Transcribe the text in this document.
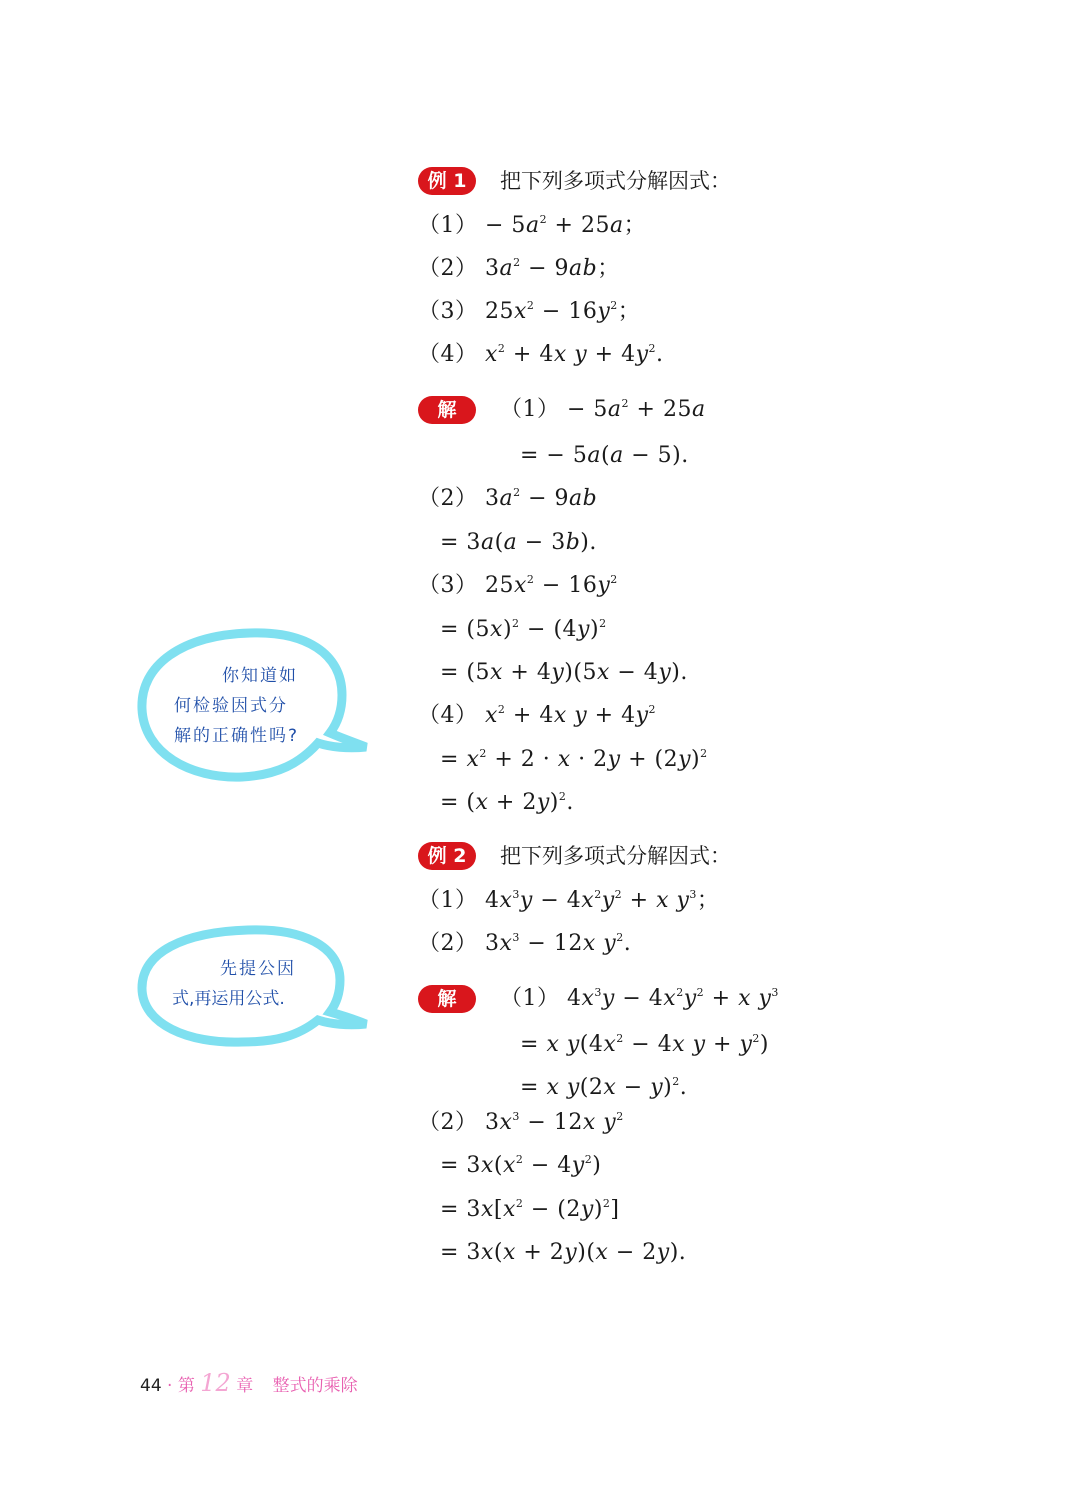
例 1	把下列多项式分解因式：
$(1) - 5a^2 + 25a$；
（2） $3a^2 - 9ab$；
（3） $25x^2 - 16y^2$；
（4） $x^2 + 4x$ $y + 4y^2$.
解	$(1) - 5a^2 + 25a$
= − 5a(a − 5).
（2） $3a^2 - 9ab$
= 3a(a − 3b).
（3） $25x^2 - 16y^2$
= $(5x)^2 - (4y)^2$
= (5x + 4y)(5x − 4y).
（4） $x^2 + 4x$ $y + 4y^2$
= $x^2 + 2 \cdot x \cdot 2y + (2y)^2$
= $(x + 2y)^2$.
例 2	把下列多项式分解因式：
（1） $4x^3y - 4x^2y^2 + x$ $y^3$；
（2） $3x^3 - 12x$ $y^2$.
解	（1） $4x^3y - 4x^2y^2 + x$ $y^3$
= x $y(4x^2 - 4x$ $y + y^2$)
= x $y(2x - y)^2$.
（2） $3x^3 - 12x$ $y^2$
= $3x(x^2 - 4y^2)$
= $3x[x^2 - (2y)^2]$
= 3x(x + 2y)(x − 2y).
你知道如
何检验因式分
解的正确性吗?
先提公因
式,再运用公式.
44 · 第 12 章 整式的乘除
